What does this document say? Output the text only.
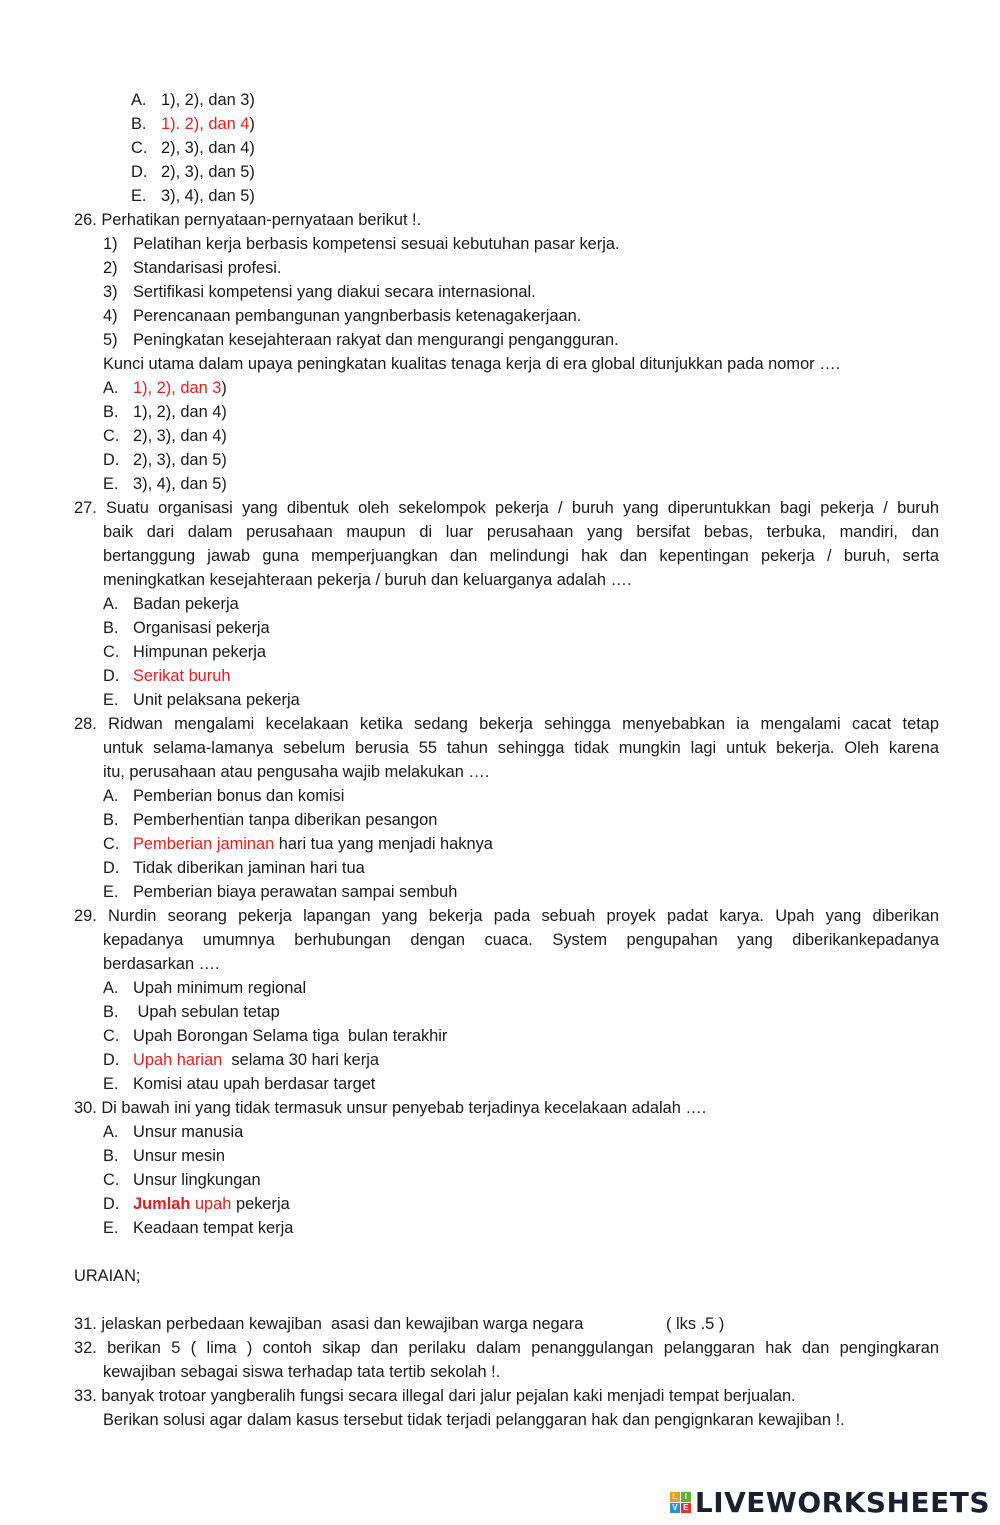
A. 1), 2), dan 3)
B. 1). 2), dan 4)
C. 2), 3), dan 4)
D. 2), 3), dan 5)
E. 3), 4), dan 5)
26. Perhatikan pernyataan-pernyataan berikut !.
1) Pelatihan kerja berbasis kompetensi sesuai kebutuhan pasar kerja.
2) Standarisasi profesi.
3) Sertifikasi kompetensi yang diakui secara internasional.
4) Perencanaan pembangunan yangnberbasis ketenagakerjaan.
5) Peningkatan kesejahteraan rakyat dan mengurangi pengangguran.
Kunci utama dalam upaya peningkatan kualitas tenaga kerja di era global ditunjukkan pada nomor ….
A. 1), 2), dan 3)
B. 1), 2), dan 4)
C. 2), 3), dan 4)
D. 2), 3), dan 5)
E. 3), 4), dan 5)
27. Suatu organisasi yang dibentuk oleh sekelompok pekerja / buruh yang diperuntukkan bagi pekerja / buruh
baik dari dalam perusahaan maupun di luar perusahaan yang bersifat bebas, terbuka, mandiri, dan
bertanggung jawab guna memperjuangkan dan melindungi hak dan kepentingan pekerja / buruh, serta
meningkatkan kesejahteraan pekerja / buruh dan keluarganya adalah ….
A. Badan pekerja
B. Organisasi pekerja
C. Himpunan pekerja
D. Serikat buruh
E. Unit pelaksana pekerja
28. Ridwan mengalami kecelakaan ketika sedang bekerja sehingga menyebabkan ia mengalami cacat tetap
untuk selama-lamanya sebelum berusia 55 tahun sehingga tidak mungkin lagi untuk bekerja. Oleh karena
itu, perusahaan atau pengusaha wajib melakukan ….
A. Pemberian bonus dan komisi
B. Pemberhentian tanpa diberikan pesangon
C. Pemberian jaminan hari tua yang menjadi haknya
D. Tidak diberikan jaminan hari tua
E. Pemberian biaya perawatan sampai sembuh
29. Nurdin seorang pekerja lapangan yang bekerja pada sebuah proyek padat karya. Upah yang diberikan
kepadanya umumnya berhubungan dengan cuaca. System pengupahan yang diberikankepadanya
berdasarkan ….
A. Upah minimum regional
B. Upah sebulan tetap
C. Upah Borongan Selama tiga  bulan terakhir
D. Upah harian  selama 30 hari kerja
E. Komisi atau upah berdasar target
30. Di bawah ini yang tidak termasuk unsur penyebab terjadinya kecelakaan adalah ….
A. Unsur manusia
B. Unsur mesin
C. Unsur lingkungan
D. Jumlah upah pekerja
E. Keadaan tempat kerja
URAIAN;
31. jelaskan perbedaan kewajiban  asasi dan kewajiban warga negara	( lks .5 )
32. berikan 5 ( lima ) contoh sikap dan perilaku dalam penanggulangan pelanggaran hak dan pengingkaran
kewajiban sebagai siswa terhadap tata tertib sekolah !.
33. banyak trotoar yangberalih fungsi secara illegal dari jalur pejalan kaki menjadi tempat berjualan.
Berikan solusi agar dalam kasus tersebut tidak terjadi pelanggaran hak dan pengignkaran kewajiban !.
L I
V E LIVEWORKSHEETS
